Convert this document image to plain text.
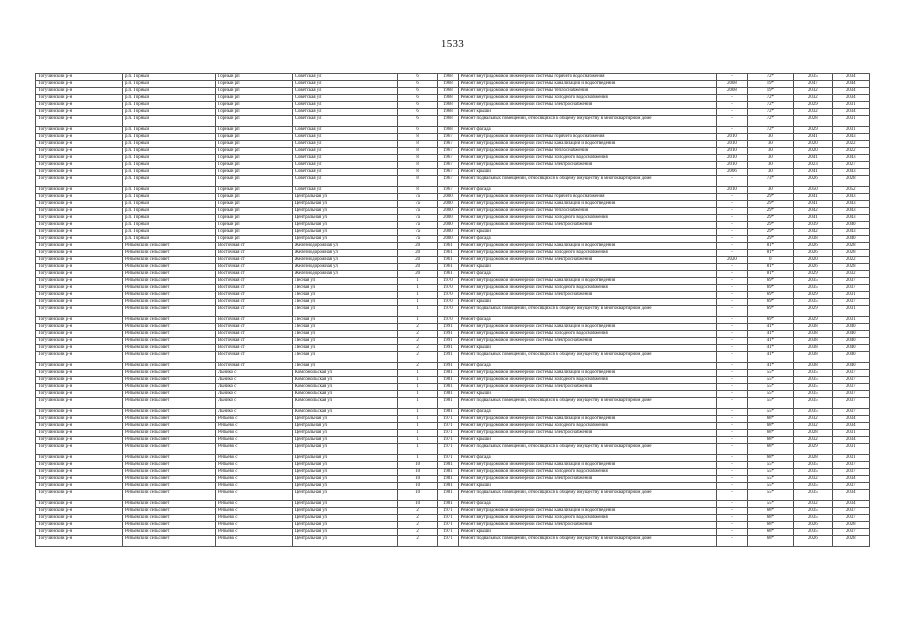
1533
Тогучинский р-н	р.п. Горный	Горный рп	Советская ул	6	1968	Ремонт внутридомовой инженерной системы горячего водоснабжения	-	72*	2035	2034
Тогучинский р-н	р.п. Горный	Горный рп	Советская ул	6	1968	Ремонт внутридомовой инженерной системы канализации и водоотведения	2008	19*	2047	2044
Тогучинский р-н	р.п. Горный	Горный рп	Советская ул	6	1968	Ремонт внутридомовой инженерной системы теплоснабжения	2008	19*	2032	2034
Тогучинский р-н	р.п. Горный	Горный рп	Советская ул	6	1968	Ремонт внутридомовой инженерной системы холодного водоснабжения	-	72*	2032	2034
Тогучинский р-н	р.п. Горный	Горный рп	Советская ул	6	1968	Ремонт внутридомовой инженерной системы электроснабжения	-	72*	2029	2031
Тогучинский р-н	р.п. Горный	Горный рп	Советская ул	6	1968	Ремонт крыши	-	72*	2032	2034
Тогучинский р-н	р.п. Горный	Горный рп	Советская ул	6	1968	Ремонт подвальных помещений, относящихся к общему имуществу в многоквартирном доме	-	72*	2028	2031
Тогучинский р-н	р.п. Горный	Горный рп	Советская ул	6	1968	Ремонт фасада	-	72*	2029	2031
Тогучинский р-н	р.п. Горный	Горный рп	Советская ул	8	1967	Ремонт внутридомовой инженерной системы горячего водоснабжения	2010	30	2041	2043
Тогучинский р-н	р.п. Горный	Горный рп	Советская ул	8	1967	Ремонт внутридомовой инженерной системы канализации и водоотведения	2010	30	2020	2022
Тогучинский р-н	р.п. Горный	Горный рп	Советская ул	8	1967	Ремонт внутридомовой инженерной системы теплоснабжения	2010	30	2020	2022
Тогучинский р-н	р.п. Горный	Горный рп	Советская ул	8	1967	Ремонт внутридомовой инженерной системы холодного водоснабжения	2010	30	2041	2043
Тогучинский р-н	р.п. Горный	Горный рп	Советская ул	8	1967	Ремонт внутридомовой инженерной системы электроснабжения	2010	30	2023	2027
Тогучинский р-н	р.п. Горный	Горный рп	Советская ул	8	1967	Ремонт крыши	2006	30	2041	2043
Тогучинский р-н	р.п. Горный	Горный рп	Советская ул	8	1967	Ремонт подвальных помещений, относящихся к общему имуществу в многоквартирном доме	-	73*	2026	2028
Тогучинский р-н	р.п. Горный	Горный рп	Советская ул	8	1967	Ремонт фасада	2010	30	2050	2052
Тогучинский р-н	р.п. Горный	Горный рп	Центральная ул	7а	2000	Ремонт внутридомовой инженерной системы горячего водоснабжения	-	29*	2041	2043
Тогучинский р-н	р.п. Горный	Горный рп	Центральная ул	7а	2000	Ремонт внутридомовой инженерной системы канализации и водоотведения	-	29*	2041	2043
Тогучинский р-н	р.п. Горный	Горный рп	Центральная ул	7а	2000	Ремонт внутридомовой инженерной системы теплоснабжения	-	29*	2042	2043
Тогучинский р-н	р.п. Горный	Горный рп	Центральная ул	7а	2000	Ремонт внутридомовой инженерной системы холодного водоснабжения	-	29*	2041	2043
Тогучинский р-н	р.п. Горный	Горный рп	Центральная ул	7а	2000	Ремонт внутридомовой инженерной системы электроснабжения	-	29*	2039	2040
Тогучинский р-н	р.п. Горный	Горный рп	Центральная ул	7а	2000	Ремонт крыши	-	29*	2042	2043
Тогучинский р-н	р.п. Горный	Горный рп	Центральная ул	7а	2000	Ремонт фасада	-	29*	2038	2040
Тогучинский р-н	Репьевский сельсовет	Восточная ст	Железнодорожная ул	20	1961	Ремонт внутридомовой инженерной системы канализации и водоотведения	-	81*	2026	2028
Тогучинский р-н	Репьевский сельсовет	Восточная ст	Железнодорожная ул	20	1961	Ремонт внутридомовой инженерной системы холодного водоснабжения	-	81*	2026	2028
Тогучинский р-н	Репьевский сельсовет	Восточная ст	Железнодорожная ул	20	1961	Ремонт внутридомовой инженерной системы электроснабжения	2020	0	2020	2022
Тогучинский р-н	Репьевский сельсовет	Восточная ст	Железнодорожная ул	20	1961	Ремонт крыши	-	81*	2026	2028
Тогучинский р-н	Репьевский сельсовет	Восточная ст	Железнодорожная ул	20	1961	Ремонт фасада	-	81*	2029	2032
Тогучинский р-н	Репьевский сельсовет	Восточная ст	Лесная ул	1	1970	Ремонт внутридомовой инженерной системы канализации и водоотведения	-	69*	2035	2037
Тогучинский р-н	Репьевский сельсовет	Восточная ст	Лесная ул	1	1970	Ремонт внутридомовой инженерной системы холодного водоснабжения	-	69*	2035	2037
Тогучинский р-н	Репьевский сельсовет	Восточная ст	Лесная ул	1	1970	Ремонт внутридомовой инженерной системы электроснабжения	-	69*	2029	2031
Тогучинский р-н	Репьевский сельсовет	Восточная ст	Лесная ул	1	1970	Ремонт крыши	-	69*	2035	2037
Тогучинский р-н	Репьевский сельсовет	Восточная ст	Лесная ул	1	1970	Ремонт подвальных помещений, относящихся к общему имуществу в многоквартирном доме	-	69*	2029	2031
Тогучинский р-н	Репьевский сельсовет	Восточная ст	Лесная ул	1	1970	Ремонт фасада	-	69*	2029	2031
Тогучинский р-н	Репьевский сельсовет	Восточная ст	Лесная ул	2	1991	Ремонт внутридомовой инженерной системы канализации и водоотведения	-	41*	2038	2040
Тогучинский р-н	Репьевский сельсовет	Восточная ст	Лесная ул	2	1991	Ремонт внутридомовой инженерной системы холодного водоснабжения	-	41*	2038	2040
Тогучинский р-н	Репьевский сельсовет	Восточная ст	Лесная ул	2	1991	Ремонт внутридомовой инженерной системы электроснабжения	-	41*	2038	2040
Тогучинский р-н	Репьевский сельсовет	Восточная ст	Лесная ул	2	1991	Ремонт крыши	-	41*	2038	2040
Тогучинский р-н	Репьевский сельсовет	Восточная ст	Лесная ул	2	1991	Ремонт подвальных помещений, относящихся к общему имуществу в многоквартирном доме	-	41*	2038	2040
Тогучинский р-н	Репьевский сельсовет	Восточная ст	Лесная ул	2	1991	Ремонт фасада	-	41*	2038	2040
Тогучинский р-н	Репьевский сельсовет	Льнико с	Комсомольская ул	1	1981	Ремонт внутридомовой инженерной системы канализации и водоотведения	-	55*	2035	2037
Тогучинский р-н	Репьевский сельсовет	Льнико с	Комсомольская ул	1	1981	Ремонт внутридомовой инженерной системы холодного водоснабжения	-	55*	2035	2037
Тогучинский р-н	Репьевский сельсовет	Льнико с	Комсомольская ул	1	1981	Ремонт внутридомовой инженерной системы электроснабжения	-	55*	2035	2037
Тогучинский р-н	Репьевский сельсовет	Льнико с	Комсомольская ул	1	1981	Ремонт крыши	-	55*	2035	2037
Тогучинский р-н	Репьевский сельсовет	Льнико с	Комсомольская ул	1	1981	Ремонт подвальных помещений, относящихся к общему имуществу в многоквартирном доме	-	55*	2035	2037
Тогучинский р-н	Репьевский сельсовет	Льнико с	Комсомольская ул	1	1981	Ремонт фасада	-	55*	2035	2037
Тогучинский р-н	Репьевский сельсовет	Репьево с	Центральная ул	1	1971	Ремонт внутридомовой инженерной системы канализации и водоотведения	-	68*	2032	2034
Тогучинский р-н	Репьевский сельсовет	Репьево с	Центральная ул	1	1971	Ремонт внутридомовой инженерной системы холодного водоснабжения	-	68*	2032	2034
Тогучинский р-н	Репьевский сельсовет	Репьево с	Центральная ул	1	1971	Ремонт внутридомовой инженерной системы электроснабжения	-	68*	2028	2031
Тогучинский р-н	Репьевский сельсовет	Репьево с	Центральная ул	1	1971	Ремонт крыши	-	68*	2032	2034
Тогучинский р-н	Репьевский сельсовет	Репьево с	Центральная ул	1	1971	Ремонт подвальных помещений, относящихся к общему имуществу в многоквартирном доме	-	68*	2029	2031
Тогучинский р-н	Репьевский сельсовет	Репьево с	Центральная ул	1	1971	Ремонт фасада	-	68*	2028	2031
Тогучинский р-н	Репьевский сельсовет	Репьево с	Центральная ул	10	1981	Ремонт внутридомовой инженерной системы канализации и водоотведения	-	55*	2035	2037
Тогучинский р-н	Репьевский сельсовет	Репьево с	Центральная ул	10	1981	Ремонт внутридомовой инженерной системы холодного водоснабжения	-	55*	2035	2037
Тогучинский р-н	Репьевский сельсовет	Репьево с	Центральная ул	10	1981	Ремонт внутридомовой инженерной системы электроснабжения	-	55*	2032	2034
Тогучинский р-н	Репьевский сельсовет	Репьево с	Центральная ул	10	1981	Ремонт крыши	-	55*	2035	2037
Тогучинский р-н	Репьевский сельсовет	Репьево с	Центральная ул	10	1981	Ремонт подвальных помещений, относящихся к общему имуществу в многоквартирном доме	-	55*	2035	2034
Тогучинский р-н	Репьевский сельсовет	Репьево с	Центральная ул	10	1981	Ремонт фасада	-	55*	2032	2034
Тогучинский р-н	Репьевский сельсовет	Репьево с	Центральная ул	2	1971	Ремонт внутридомовой инженерной системы канализации и водоотведения	-	68*	2035	2037
Тогучинский р-н	Репьевский сельсовет	Репьево с	Центральная ул	2	1971	Ремонт внутридомовой инженерной системы холодного водоснабжения	-	68*	2035	2037
Тогучинский р-н	Репьевский сельсовет	Репьево с	Центральная ул	2	1971	Ремонт внутридомовой инженерной системы электроснабжения	-	68*	2026	2028
Тогучинский р-н	Репьевский сельсовет	Репьево с	Центральная ул	2	1971	Ремонт крыши	-	68*	2035	2037
Тогучинский р-н	Репьевский сельсовет	Репьево с	Центральная ул	2	1971	Ремонт подвальных помещений, относящихся к общему имуществу в многоквартирном доме	-	68*	2026	2028
